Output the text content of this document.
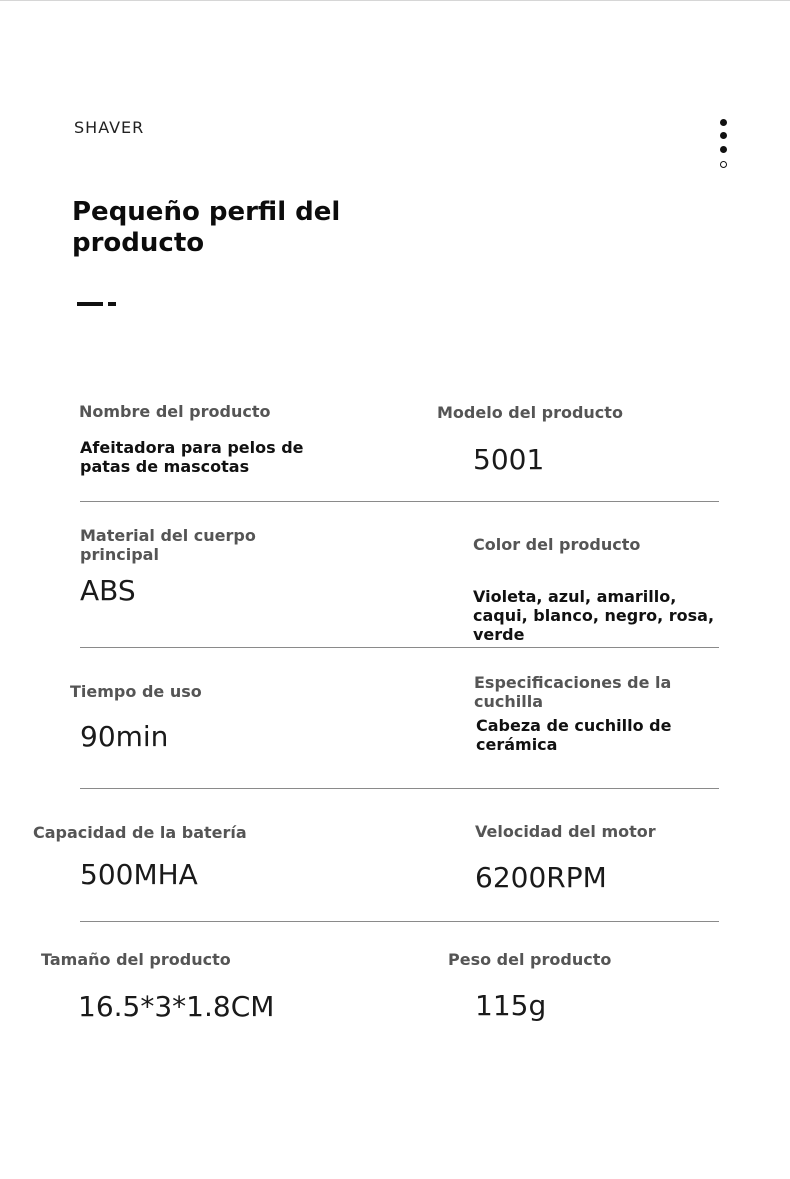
SHAVER
Pequeño perfil del producto
Nombre del producto
Afeitadora para pelos de patas de mascotas
Modelo del producto
5001
Material del cuerpo principal
ABS
Color del producto
Violeta, azul, amarillo, caqui, blanco, negro, rosa, verde
Tiempo de uso
90min
Especificaciones de la cuchilla
Cabeza de cuchillo de cerámica
Capacidad de la batería
500MHA
Velocidad del motor
6200RPM
Tamaño del producto
16.5*3*1.8CM
Peso del producto
115g
